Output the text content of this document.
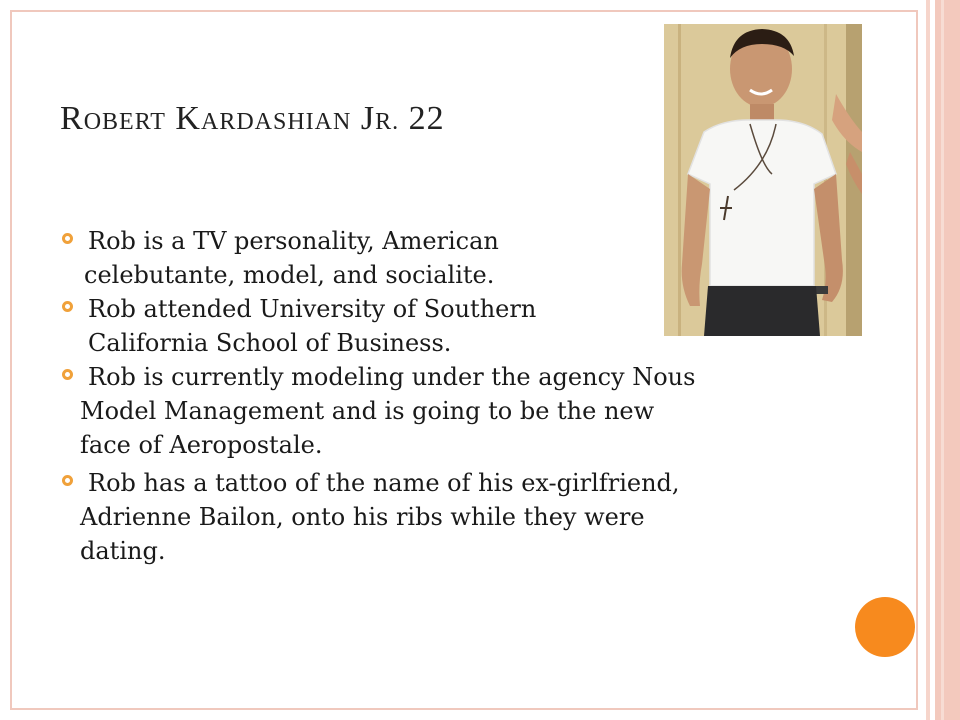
ROBERT KARDASHIAN JR. 22
Rob is a TV personality, American
celebutante, model, and socialite.
Rob attended University of Southern
California School of Business.
Rob is currently modeling under the agency Nous
Model Management and is going to be the new
face of Aeropostale.
Rob has a tattoo of the name of his ex-girlfriend,
Adrienne Bailon, onto his ribs while they were
dating.
